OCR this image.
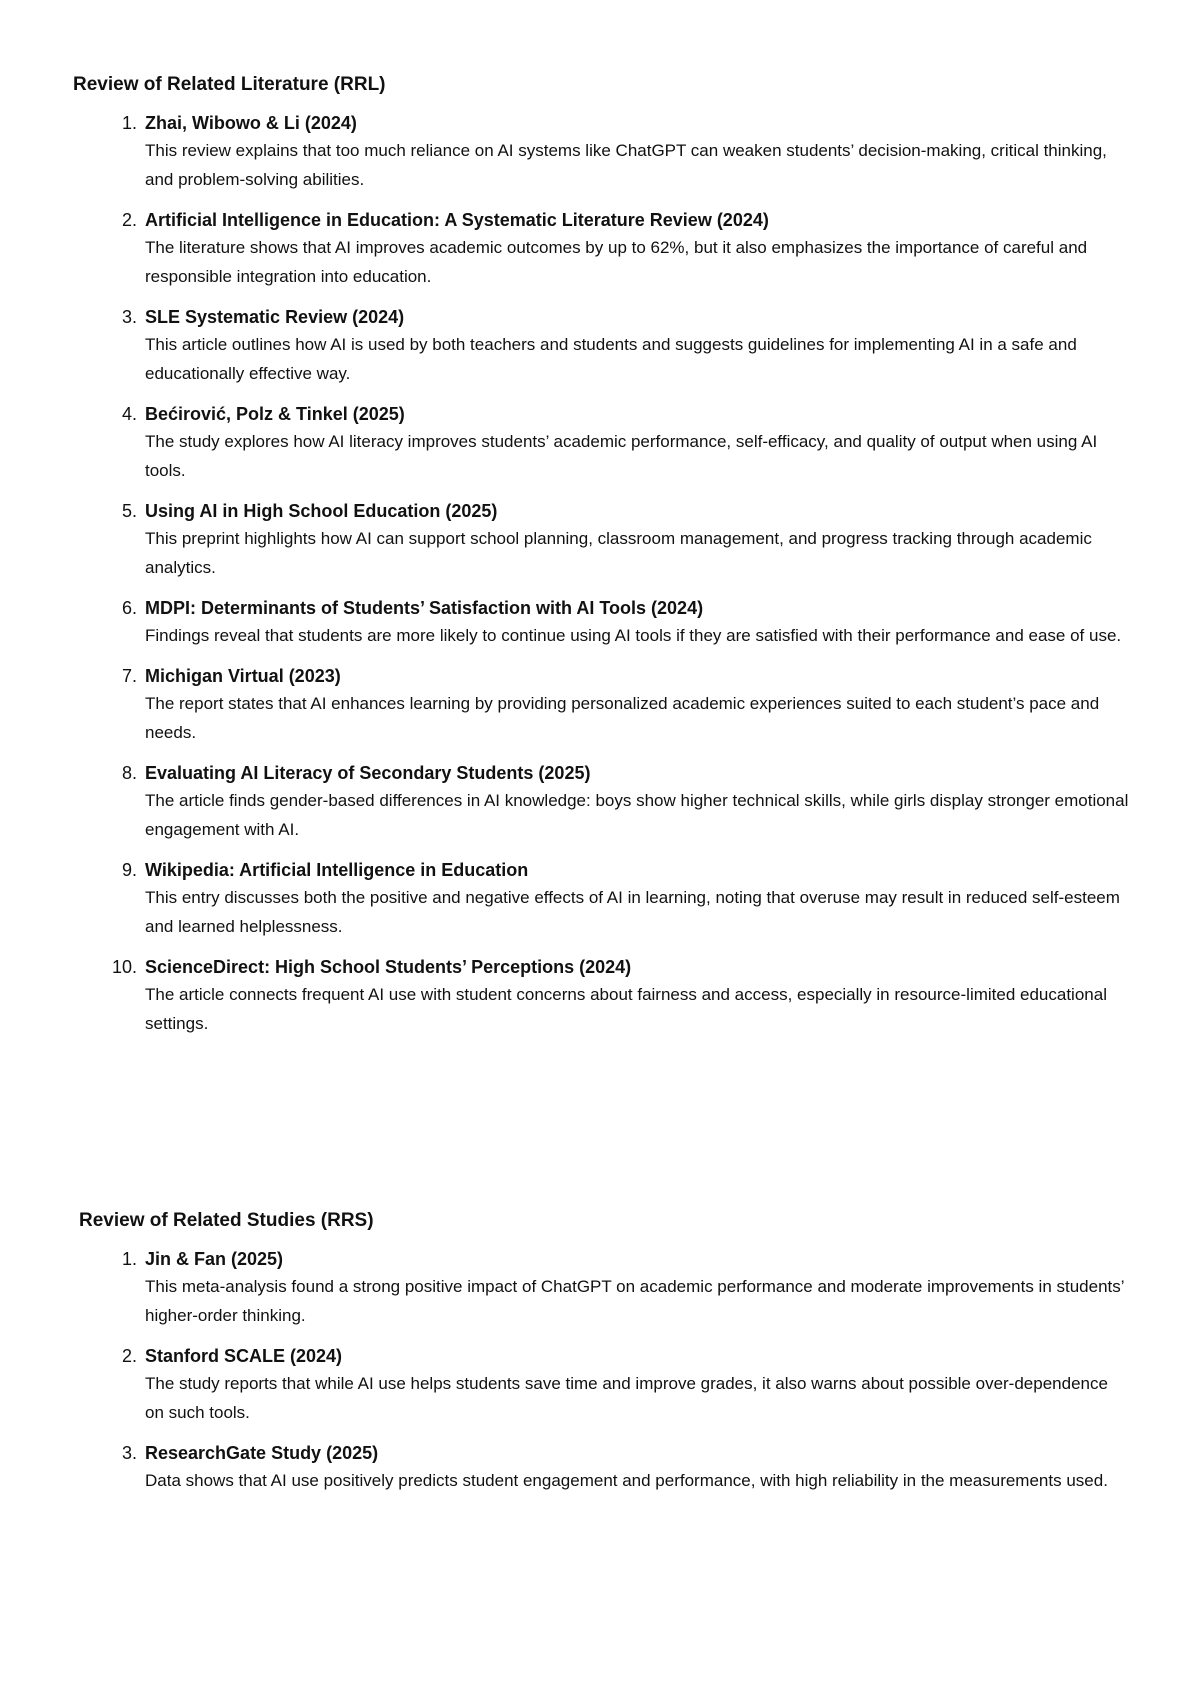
Review of Related Literature (RRL)
1. Zhai, Wibowo & Li (2024)
This review explains that too much reliance on AI systems like ChatGPT can weaken students’ decision-making, critical thinking, and problem-solving abilities.
2. Artificial Intelligence in Education: A Systematic Literature Review (2024)
The literature shows that AI improves academic outcomes by up to 62%, but it also emphasizes the importance of careful and responsible integration into education.
3. SLE Systematic Review (2024)
This article outlines how AI is used by both teachers and students and suggests guidelines for implementing AI in a safe and educationally effective way.
4. Bećirović, Polz & Tinkel (2025)
The study explores how AI literacy improves students’ academic performance, self-efficacy, and quality of output when using AI tools.
5. Using AI in High School Education (2025)
This preprint highlights how AI can support school planning, classroom management, and progress tracking through academic analytics.
6. MDPI: Determinants of Students’ Satisfaction with AI Tools (2024)
Findings reveal that students are more likely to continue using AI tools if they are satisfied with their performance and ease of use.
7. Michigan Virtual (2023)
The report states that AI enhances learning by providing personalized academic experiences suited to each student’s pace and needs.
8. Evaluating AI Literacy of Secondary Students (2025)
The article finds gender-based differences in AI knowledge: boys show higher technical skills, while girls display stronger emotional engagement with AI.
9. Wikipedia: Artificial Intelligence in Education
This entry discusses both the positive and negative effects of AI in learning, noting that overuse may result in reduced self-esteem and learned helplessness.
10. ScienceDirect: High School Students’ Perceptions (2024)
The article connects frequent AI use with student concerns about fairness and access, especially in resource-limited educational settings.
Review of Related Studies (RRS)
1. Jin & Fan (2025)
This meta-analysis found a strong positive impact of ChatGPT on academic performance and moderate improvements in students’ higher-order thinking.
2. Stanford SCALE (2024)
The study reports that while AI use helps students save time and improve grades, it also warns about possible over-dependence on such tools.
3. ResearchGate Study (2025)
Data shows that AI use positively predicts student engagement and performance, with high reliability in the measurements used.
